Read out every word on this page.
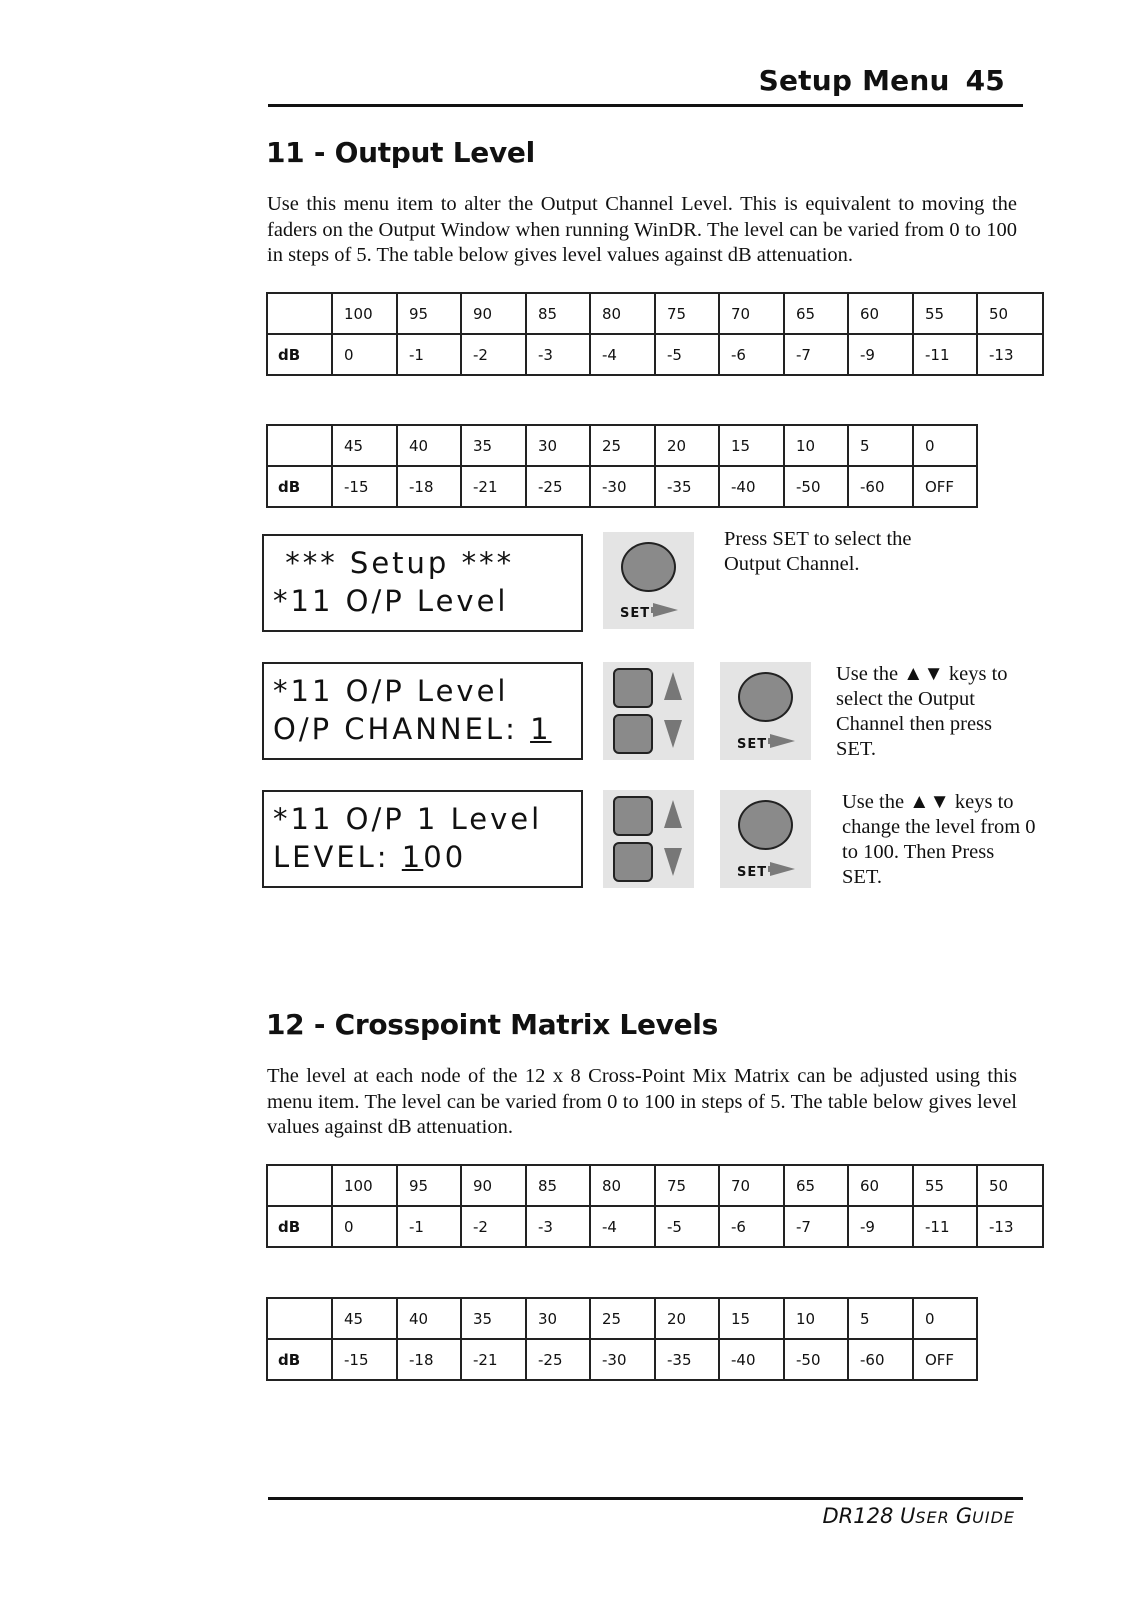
Setup Menu 45
11 - Output Level

Use this menu item to alter the Output Channel Level. This is equivalent to moving the faders on the Output Window when running WinDR. The level can be varied from 0 to 100 in steps of 5. The table below gives level values against dB attenuation.

	100	95	90	85	80	75	70	65	60	55	50
dB	0	-1	-2	-3	-4	-5	-6	-7	-9	-11	-13
	45	40	35	30	25	20	15	10	5	0
dB	-15	-18	-21	-25	-30	-35	-40	-50	-60	OFF
*** Setup ***
*11 O/P Level	SET
Press SET to select the Output Channel.
*11 O/P Level
O/P CHANNEL: 1	SET
Use the ▲▼ keys to select the Output Channel then press SET.
*11 O/P 1 Level
LEVEL: 100	SET
Use the ▲▼ keys to change the level from 0 to 100. Then Press SET.
12 - Crosspoint Matrix Levels

The level at each node of the 12 x 8 Cross-Point Mix Matrix can be adjusted using this menu item. The level can be varied from 0 to 100 in steps of 5. The table below gives level values against dB attenuation.

	100	95	90	85	80	75	70	65	60	55	50
dB	0	-1	-2	-3	-4	-5	-6	-7	-9	-11	-13
	45	40	35	30	25	20	15	10	5	0
dB	-15	-18	-21	-25	-30	-35	-40	-50	-60	OFF
DR128 USER GUIDE
